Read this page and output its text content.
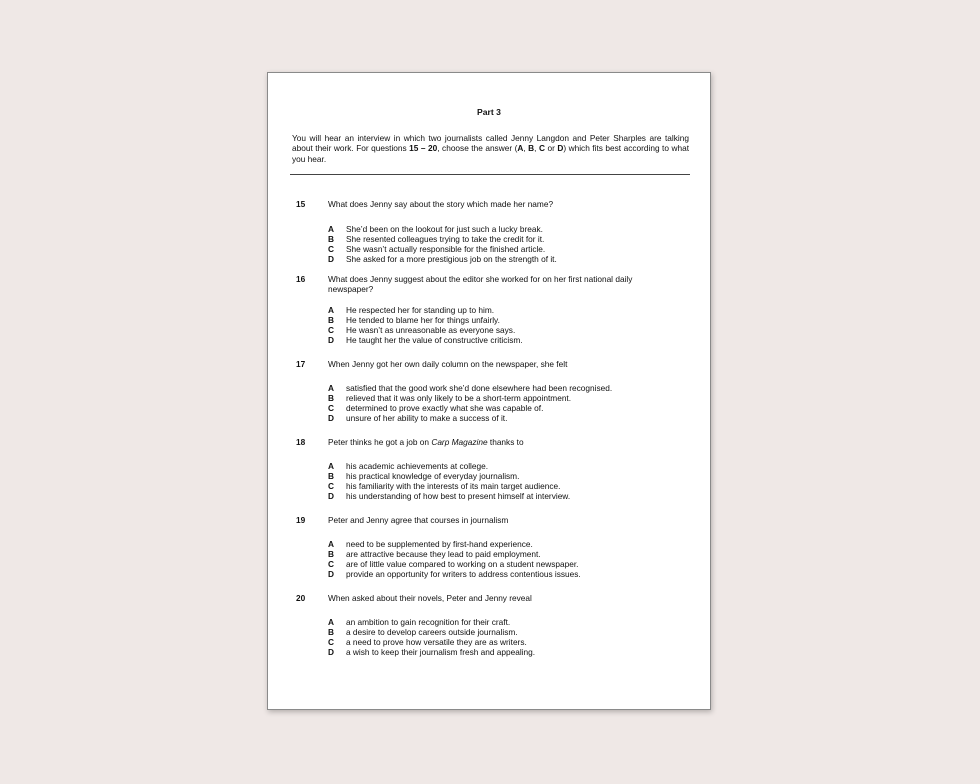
Part 3
You will hear an interview in which two journalists called Jenny Langdon and Peter Sharples are talking about their work. For questions 15 – 20, choose the answer (A, B, C or D) which fits best according to what you hear.
15	What does Jenny say about the story which made her name?
A She’d been on the lookout for just such a lucky break.
B She resented colleagues trying to take the credit for it.
C She wasn’t actually responsible for the finished article.
D She asked for a more prestigious job on the strength of it.
16	What does Jenny suggest about the editor she worked for on her first national daily newspaper?
A He respected her for standing up to him.
B He tended to blame her for things unfairly.
C He wasn’t as unreasonable as everyone says.
D He taught her the value of constructive criticism.
17	When Jenny got her own daily column on the newspaper, she felt
A satisfied that the good work she’d done elsewhere had been recognised.
B relieved that it was only likely to be a short-term appointment.
C determined to prove exactly what she was capable of.
D unsure of her ability to make a success of it.
18	Peter thinks he got a job on Carp Magazine thanks to
A his academic achievements at college.
B his practical knowledge of everyday journalism.
C his familiarity with the interests of its main target audience.
D his understanding of how best to present himself at interview.
19	Peter and Jenny agree that courses in journalism
A need to be supplemented by first-hand experience.
B are attractive because they lead to paid employment.
C are of little value compared to working on a student newspaper.
D provide an opportunity for writers to address contentious issues.
20	When asked about their novels, Peter and Jenny reveal
A an ambition to gain recognition for their craft.
B a desire to develop careers outside journalism.
C a need to prove how versatile they are as writers.
D a wish to keep their journalism fresh and appealing.
